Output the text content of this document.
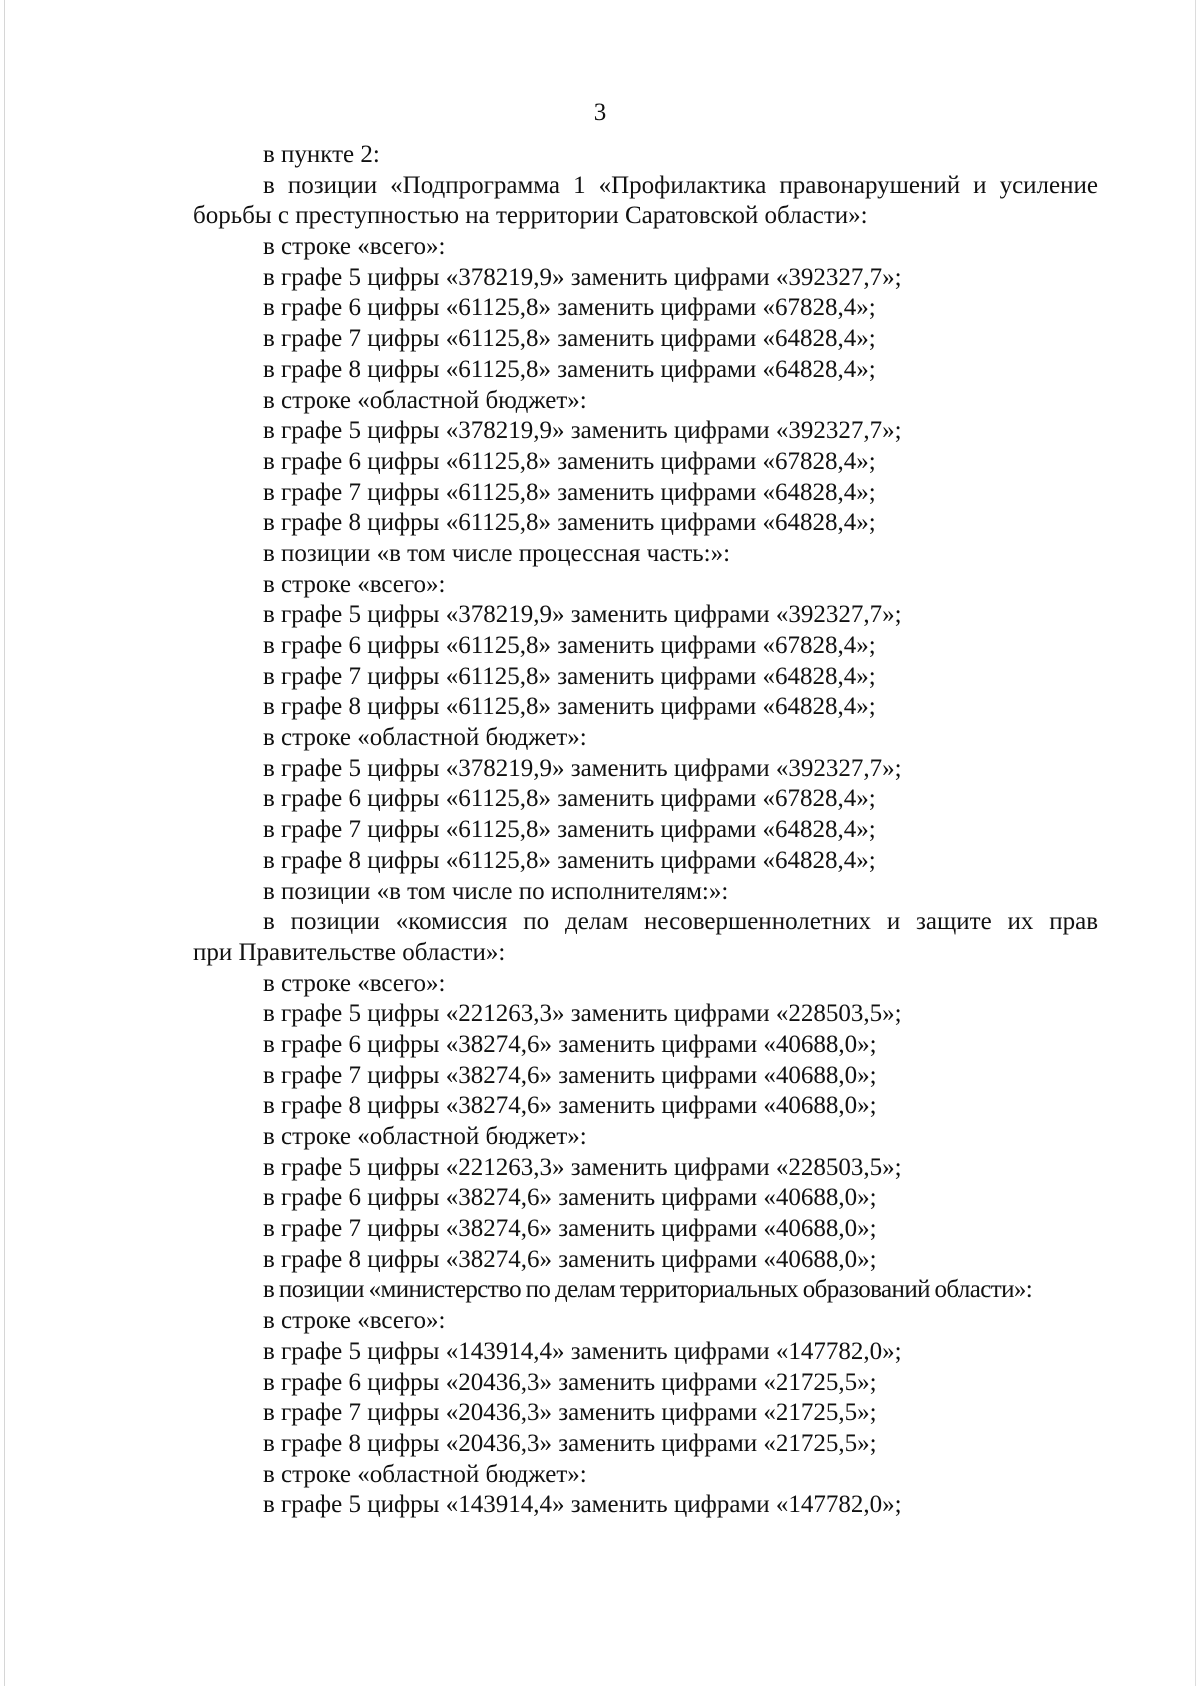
3
в пункте 2:
в позиции «Подпрограмма 1 «Профилактика правонарушений и усиление
борьбы с преступностью на территории Саратовской области»:
в строке «всего»:
в графе 5 цифры «378219,9» заменить цифрами «392327,7»;
в графе 6 цифры «61125,8» заменить цифрами «67828,4»;
в графе 7 цифры «61125,8» заменить цифрами «64828,4»;
в графе 8 цифры «61125,8» заменить цифрами «64828,4»;
в строке «областной бюджет»:
в графе 5 цифры «378219,9» заменить цифрами «392327,7»;
в графе 6 цифры «61125,8» заменить цифрами «67828,4»;
в графе 7 цифры «61125,8» заменить цифрами «64828,4»;
в графе 8 цифры «61125,8» заменить цифрами «64828,4»;
в позиции «в том числе процессная часть:»:
в строке «всего»:
в графе 5 цифры «378219,9» заменить цифрами «392327,7»;
в графе 6 цифры «61125,8» заменить цифрами «67828,4»;
в графе 7 цифры «61125,8» заменить цифрами «64828,4»;
в графе 8 цифры «61125,8» заменить цифрами «64828,4»;
в строке «областной бюджет»:
в графе 5 цифры «378219,9» заменить цифрами «392327,7»;
в графе 6 цифры «61125,8» заменить цифрами «67828,4»;
в графе 7 цифры «61125,8» заменить цифрами «64828,4»;
в графе 8 цифры «61125,8» заменить цифрами «64828,4»;
в позиции «в том числе по исполнителям:»:
в позиции «комиссия по делам несовершеннолетних и защите их прав
при Правительстве области»:
в строке «всего»:
в графе 5 цифры «221263,3» заменить цифрами «228503,5»;
в графе 6 цифры «38274,6» заменить цифрами «40688,0»;
в графе 7 цифры «38274,6» заменить цифрами «40688,0»;
в графе 8 цифры «38274,6» заменить цифрами «40688,0»;
в строке «областной бюджет»:
в графе 5 цифры «221263,3» заменить цифрами «228503,5»;
в графе 6 цифры «38274,6» заменить цифрами «40688,0»;
в графе 7 цифры «38274,6» заменить цифрами «40688,0»;
в графе 8 цифры «38274,6» заменить цифрами «40688,0»;
в позиции «министерство по делам территориальных образований области»:
в строке «всего»:
в графе 5 цифры «143914,4» заменить цифрами «147782,0»;
в графе 6 цифры «20436,3» заменить цифрами «21725,5»;
в графе 7 цифры «20436,3» заменить цифрами «21725,5»;
в графе 8 цифры «20436,3» заменить цифрами «21725,5»;
в строке «областной бюджет»:
в графе 5 цифры «143914,4» заменить цифрами «147782,0»;
